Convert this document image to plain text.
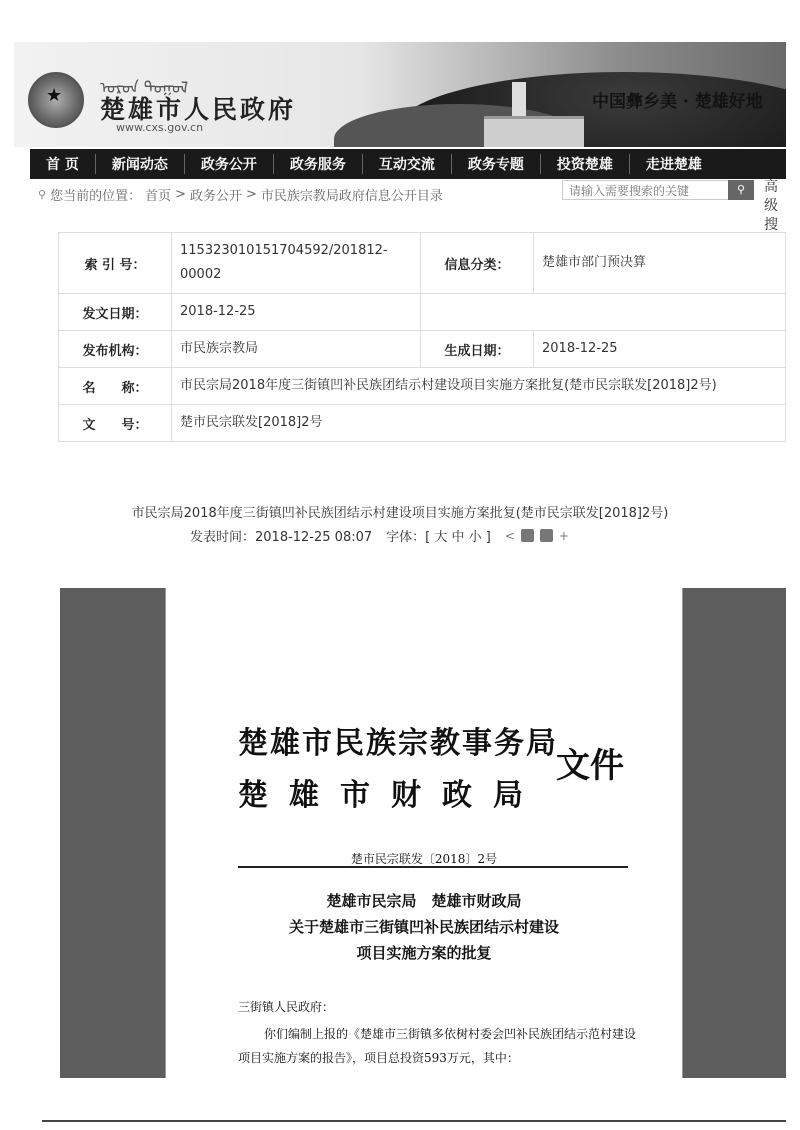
★ ᠣᠷᠣᠨ ᠳᠣᠭᠣᠯ
楚雄市人民政府
www.cxs.gov.cn
中国彝乡美 · 楚雄好地
首 页	新闻动态	政务公开	政务服务	互动交流	政务专题	投资楚雄	走进楚雄
⚲ 您当前的位置： 首页 > 政务公开 > 市民族宗教局政府信息公开目录	请输入需要搜索的关键	⚲	高级搜
索 引 号：	115323010151704592/201812-00002	信息分类：	楚雄市部门预决算
发文日期：	2018-12-25		
发布机构：	市民族宗教局	生成日期：	2018-12-25
名　　称：	市民宗局2018年度三街镇凹补民族团结示村建设项目实施方案批复(楚市民宗联发[2018]2号)		
文　　号：	楚市民宗联发[2018]2号		
市民宗局2018年度三街镇凹补民族团结示村建设项目实施方案批复(楚市民宗联发[2018]2号)
发表时间：2018-12-25 08:07 字体：[ 大 中 小 ] <	+
楚雄市民族宗教事务局
楚雄市财政局
文件
楚市民宗联发〔2018〕2号
楚雄市民宗局　楚雄市财政局
关于楚雄市三街镇凹补民族团结示村建设
项目实施方案的批复
三街镇人民政府：
你们编制上报的《楚雄市三街镇多依树村委会凹补民族团结示范村建设项目实施方案的报告》，项目总投资593万元，其中：
